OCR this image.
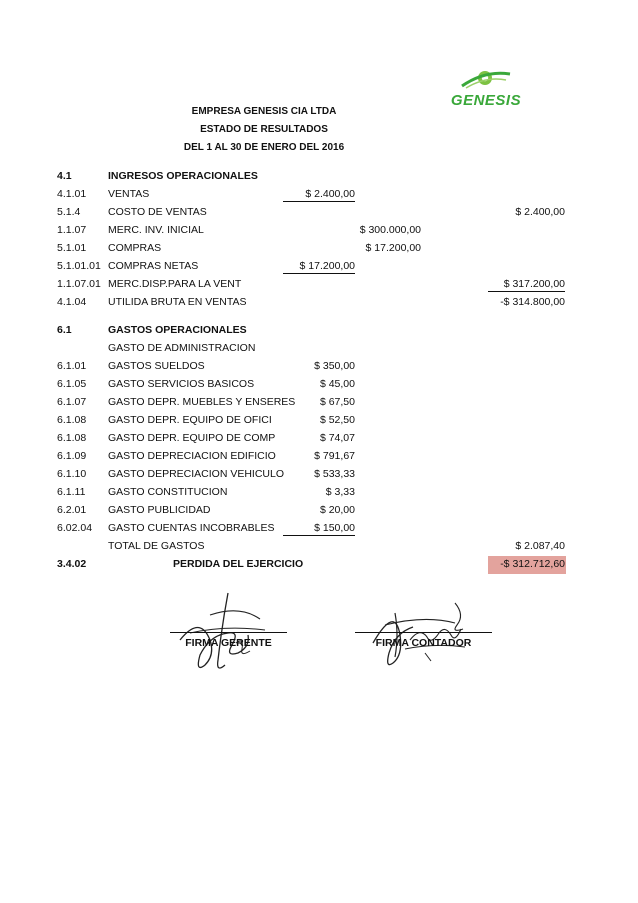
GENESIS
EMPRESA GENESIS CIA LTDA
ESTADO DE RESULTADOS
DEL 1 AL 30 DE ENERO DEL 2016
4.1	INGRESOS OPERACIONALES
4.1.01 VENTAS	$ 2.400,00
5.1.4	COSTO DE VENTAS	$ 2.400,00
1.1.07 MERC. INV. INICIAL	$ 300.000,00
5.1.01 COMPRAS	$ 17.200,00
5.1.01.01 COMPRAS NETAS	$ 17.200,00
1.1.07.01 MERC.DISP.PARA LA VENT	$ 317.200,00
4.1.04 UTILIDA BRUTA EN VENTAS	-$ 314.800,00
6.1	GASTOS OPERACIONALES
GASTO DE ADMINISTRACION
6.1.01 GASTOS SUELDOS	$ 350,00
6.1.05 GASTO SERVICIOS BASICOS	$ 45,00
6.1.07 GASTO DEPR. MUEBLES Y ENSERES	$ 67,50
6.1.08 GASTO DEPR. EQUIPO DE OFICI	$ 52,50
6.1.08 GASTO DEPR. EQUIPO DE COMP	$ 74,07
6.1.09 GASTO DEPRECIACION EDIFICIO	$ 791,67
6.1.10 GASTO DEPRECIACION VEHICULO	$ 533,33
6.1.11 GASTO CONSTITUCION	$ 3,33
6.2.01 GASTO PUBLICIDAD	$ 20,00
6.02.04 GASTO CUENTAS INCOBRABLES	$ 150,00
TOTAL DE GASTOS	$ 2.087,40
3.4.02	PERDIDA DEL EJERCICIO	-$ 312.712,60
FIRMA GERENTE	FIRMA CONTADOR
